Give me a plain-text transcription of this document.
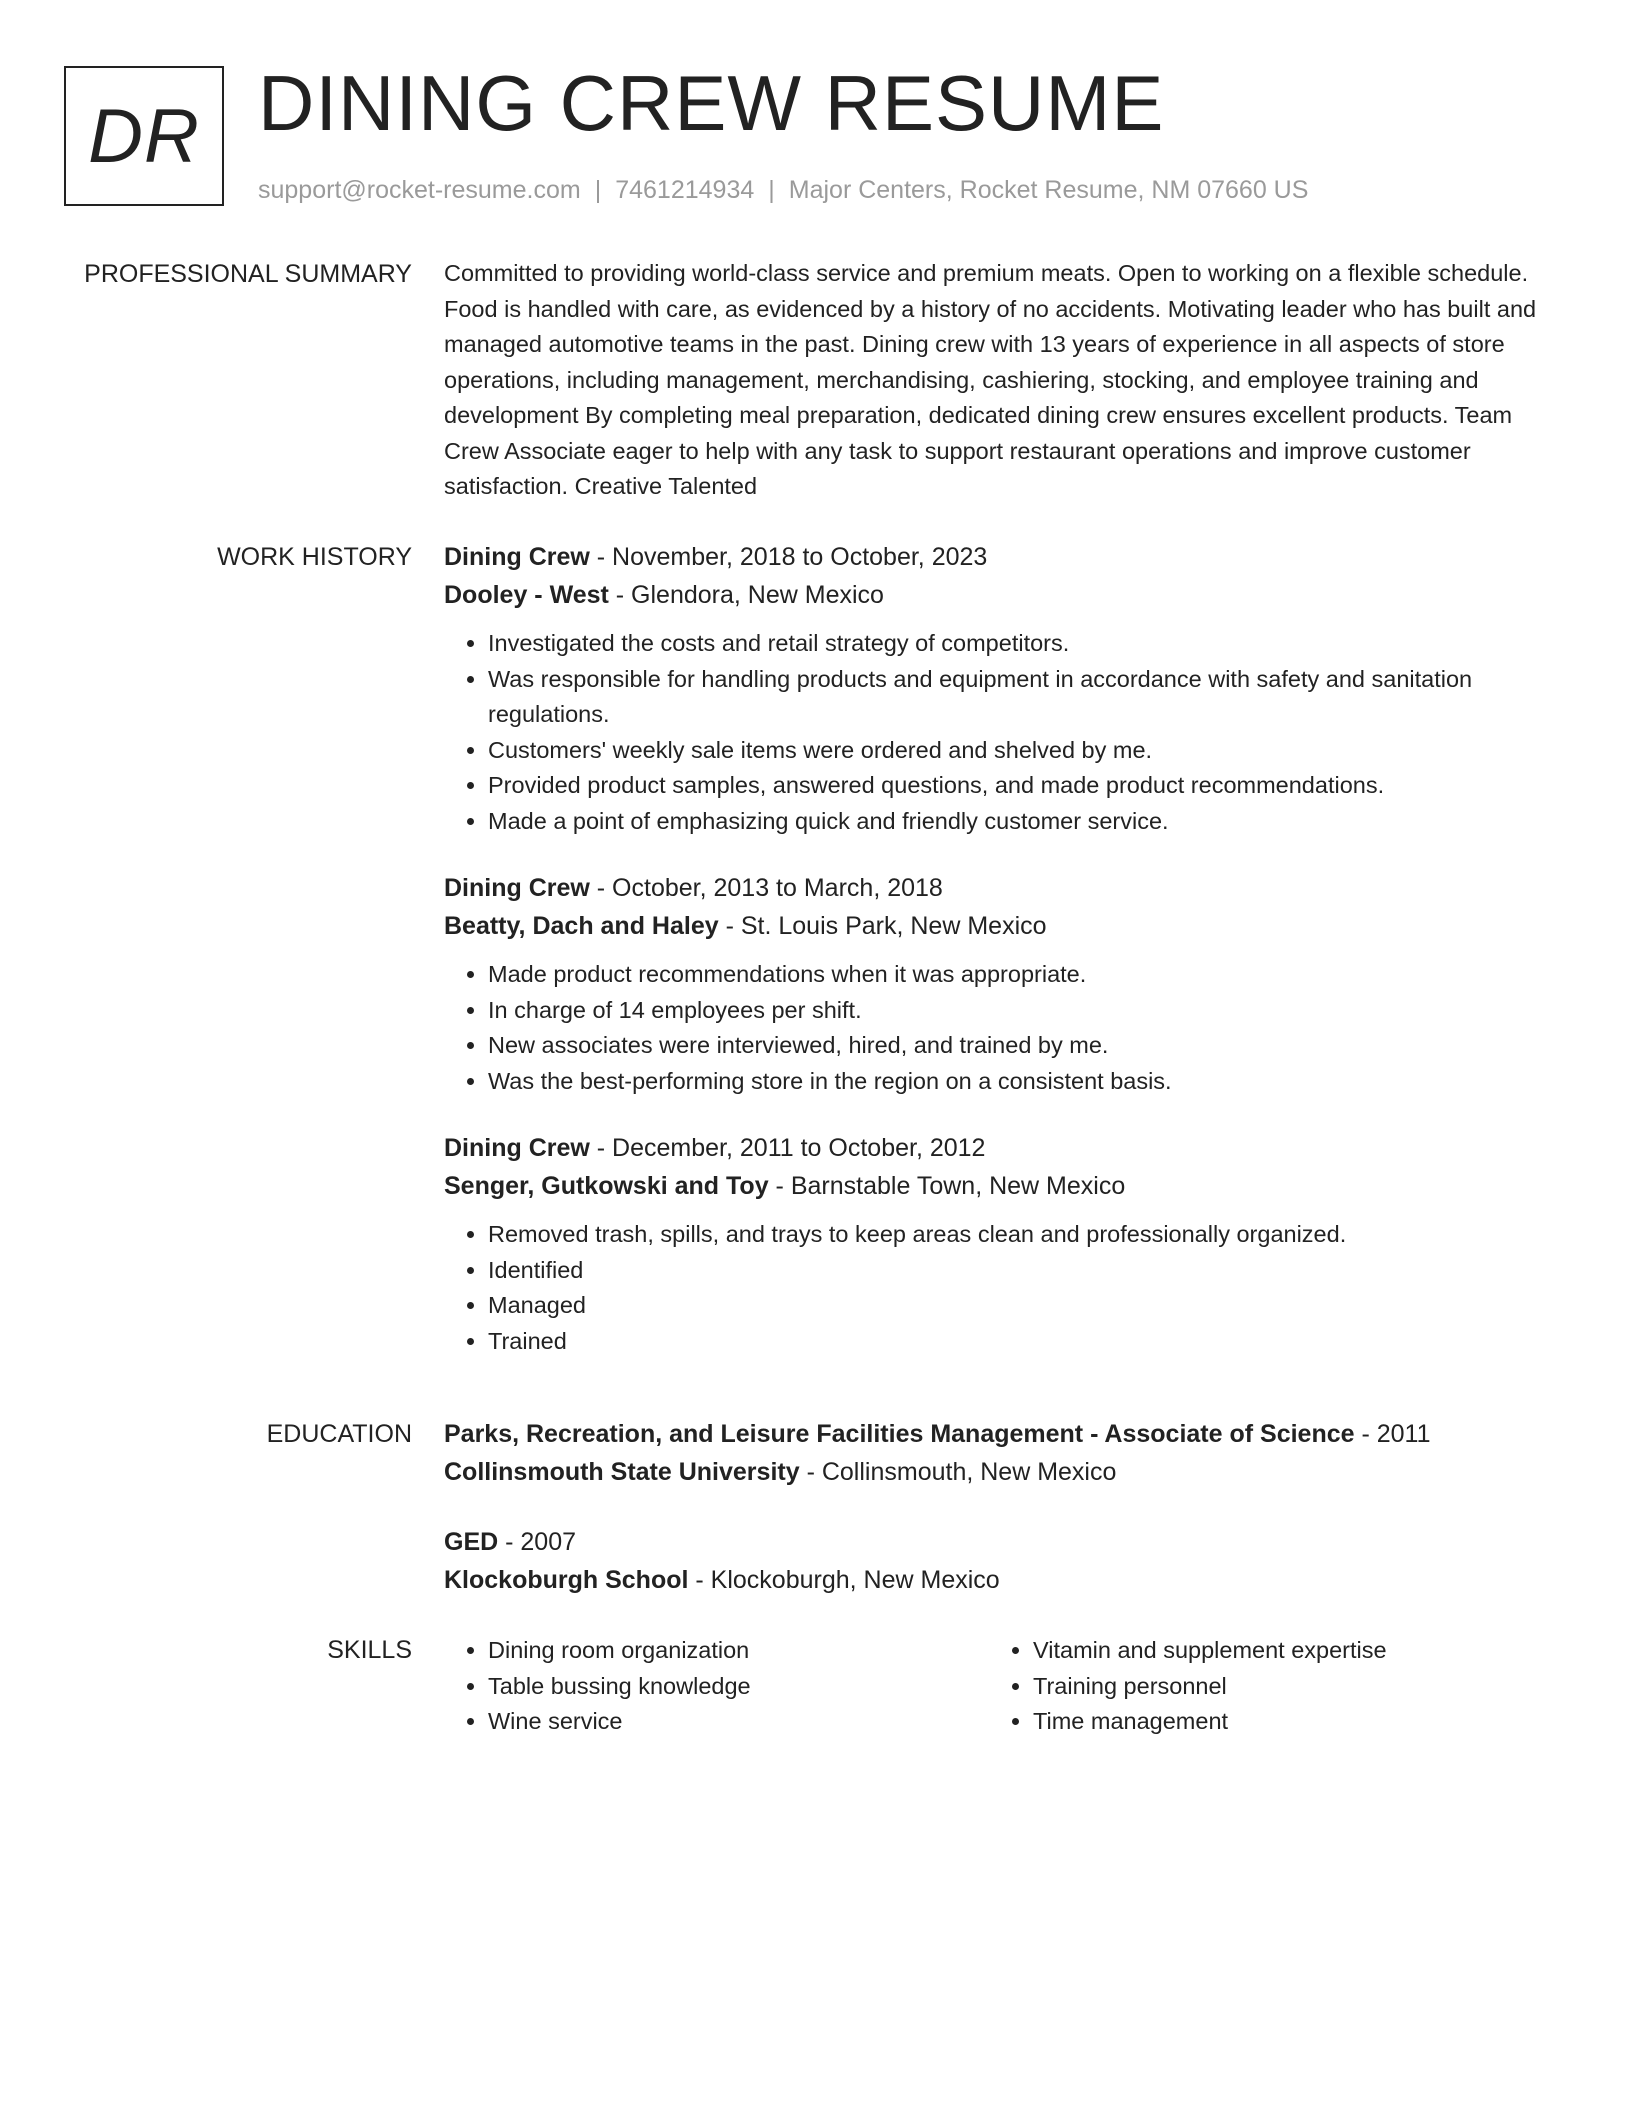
DR DINING CREW RESUME
support@rocket-resume.com | 7461214934 | Major Centers, Rocket Resume, NM 07660 US
PROFESSIONAL SUMMARY Committed to providing world-class service and premium meats. Open to working on a flexible schedule. Food is handled with care, as evidenced by a history of no accidents. Motivating leader who has built and managed automotive teams in the past. Dining crew with 13 years of experience in all aspects of store operations, including management, merchandising, cashiering, stocking, and employee training and development By completing meal preparation, dedicated dining crew ensures excellent products. Team Crew Associate eager to help with any task to support restaurant operations and improve customer satisfaction. Creative Talented

WORK HISTORY Dining Crew - November, 2018 to October, 2023
Dooley - West - Glendora, New Mexico
• Investigated the costs and retail strategy of competitors.
• Was responsible for handling products and equipment in accordance with safety and sanitation regulations.
• Customers' weekly sale items were ordered and shelved by me.
• Provided product samples, answered questions, and made product recommendations.
• Made a point of emphasizing quick and friendly customer service.
Dining Crew - October, 2013 to March, 2018
Beatty, Dach and Haley - St. Louis Park, New Mexico
• Made product recommendations when it was appropriate.
• In charge of 14 employees per shift.
• New associates were interviewed, hired, and trained by me.
• Was the best-performing store in the region on a consistent basis.
Dining Crew - December, 2011 to October, 2012
Senger, Gutkowski and Toy - Barnstable Town, New Mexico
• Removed trash, spills, and trays to keep areas clean and professionally organized.
• Identified
• Managed
• Trained
EDUCATION Parks, Recreation, and Leisure Facilities Management - Associate of Science - 2011
Collinsmouth State University - Collinsmouth, New Mexico
GED - 2007
Klockoburgh School - Klockoburgh, New Mexico
SKILLS
•	Dining room organization
• Table bussing knowledge
• Wine service
• Vitamin and supplement expertise
• Training personnel
• Time management
